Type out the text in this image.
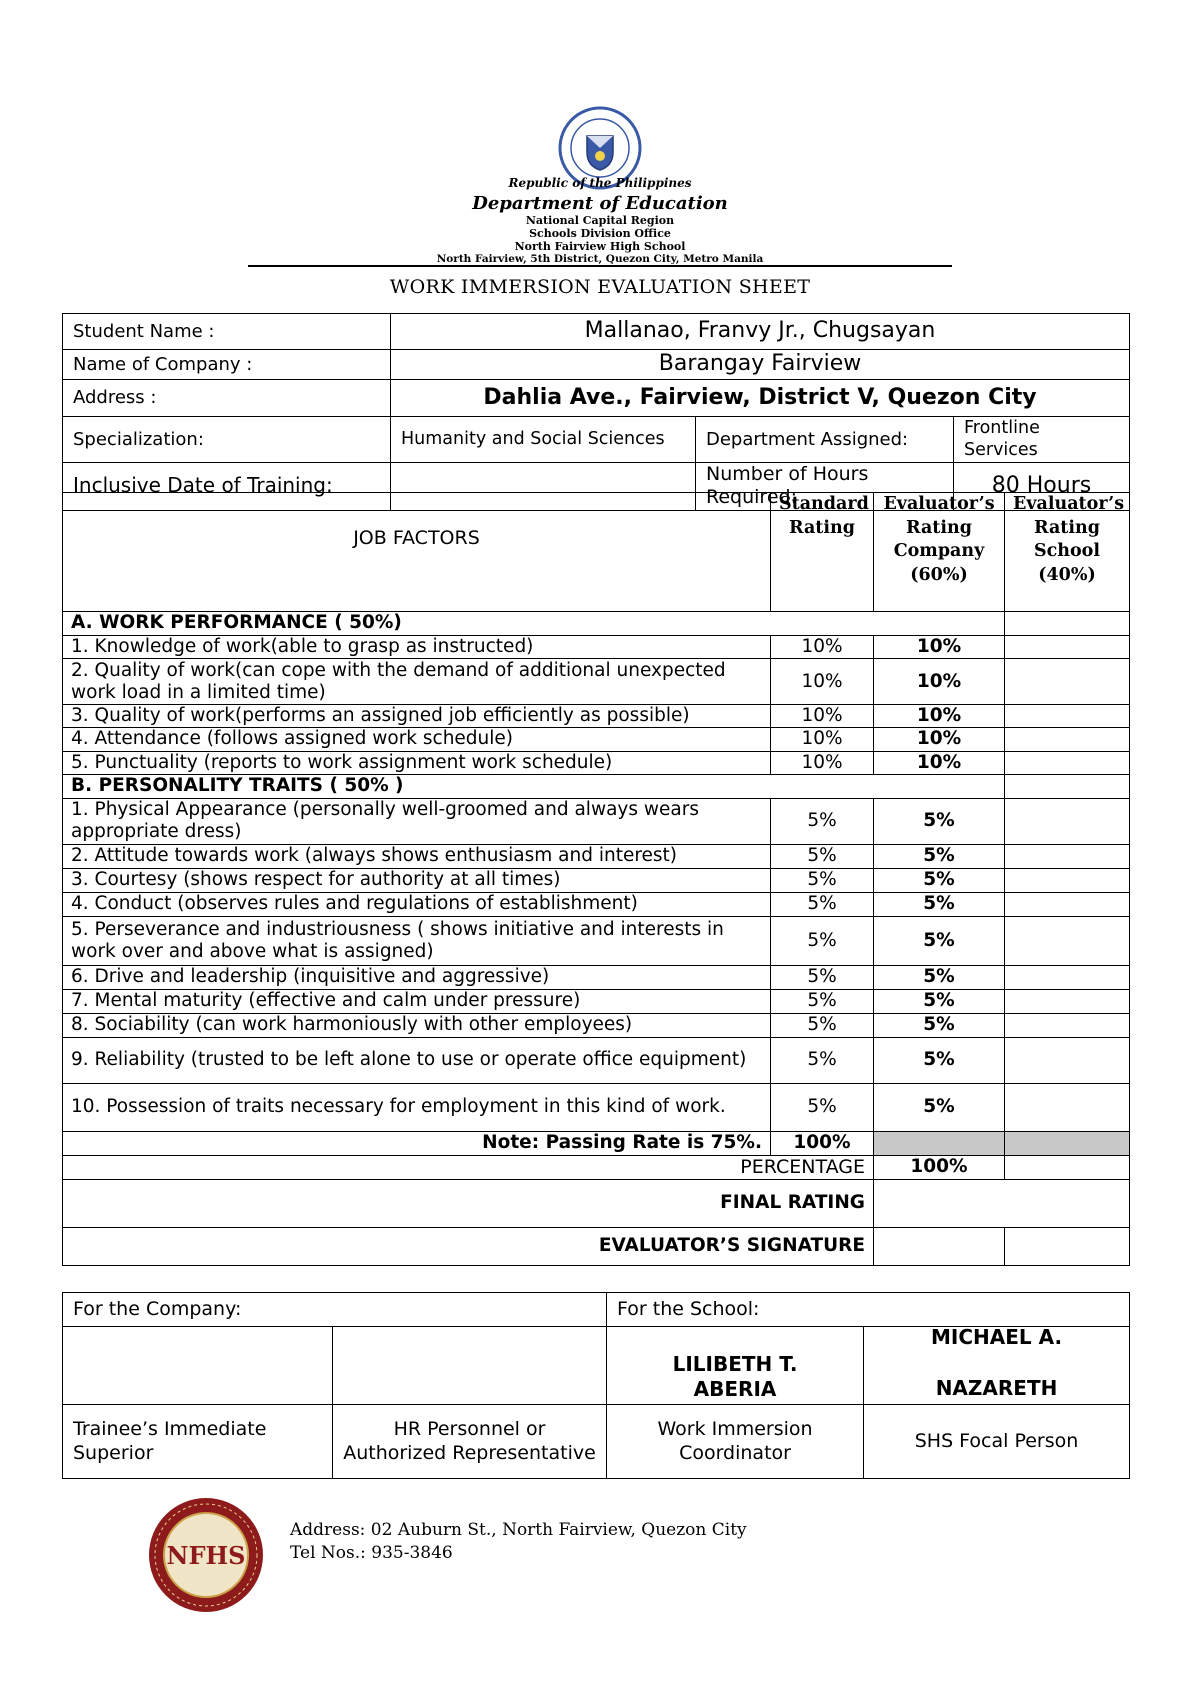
Republic of the Philippines
Department of Education
National Capital Region
Schools Division Office
North Fairview High School
North Fairview, 5th District, Quezon City, Metro Manila
WORK IMMERSION EVALUATION SHEET
Student Name :	Mallanao, Franvy Jr., Chugsayan		
Name of Company :	Barangay Fairview		
Address :	Dahlia Ave., Fairview, District V, Quezon City		
Specialization:	Humanity and Social Sciences	Department Assigned:	Frontline Services
Inclusive Date of Training:		Number of Hours Required:	80 Hours
JOB FACTORS	Standard Rating	Evaluator’s Rating Company (60%)	Evaluator’s Rating School (40%)
A. WORK PERFORMANCE ( 50%)			
1. Knowledge of work(able to grasp as instructed)	10%	10%	
2. Quality of work(can cope with the demand of additional unexpected work load in a limited time)	10%	10%	
3. Quality of work(performs an assigned job efficiently as possible)	10%	10%	
4. Attendance (follows assigned work schedule)	10%	10%	
5. Punctuality (reports to work assignment work schedule)	10%	10%	
B. PERSONALITY TRAITS ( 50% )			
1. Physical Appearance (personally well-groomed and always wears appropriate dress)	5%	5%	
2. Attitude towards work (always shows enthusiasm and interest)	5%	5%	
3. Courtesy (shows respect for authority at all times)	5%	5%	
4. Conduct (observes rules and regulations of establishment)	5%	5%	
5. Perseverance and industriousness ( shows initiative and interests in work over and above what is assigned)	5%	5%	
6. Drive and leadership (inquisitive and aggressive)	5%	5%	
7. Mental maturity (effective and calm under pressure)	5%	5%	
8. Sociability (can work harmoniously with other employees)	5%	5%	
9. Reliability (trusted to be left alone to use or operate office equipment)	5%	5%	
10. Possession of traits necessary for employment in this kind of work.	5%	5%	
Note: Passing Rate is 75%.	100%		
PERCENTAGE		100%	
FINAL RATING			
EVALUATOR’S SIGNATURE			
For the Company:		For the School:	
		LILIBETH T. ABERIA	MICHAEL A.
NAZARETH

Trainee’s Immediate Superior	HR Personnel or Authorized Representative	Work Immersion Coordinator	SHS Focal Person
NFHS
Address: 02 Auburn St., North Fairview, Quezon City
Tel Nos.: 935-3846
